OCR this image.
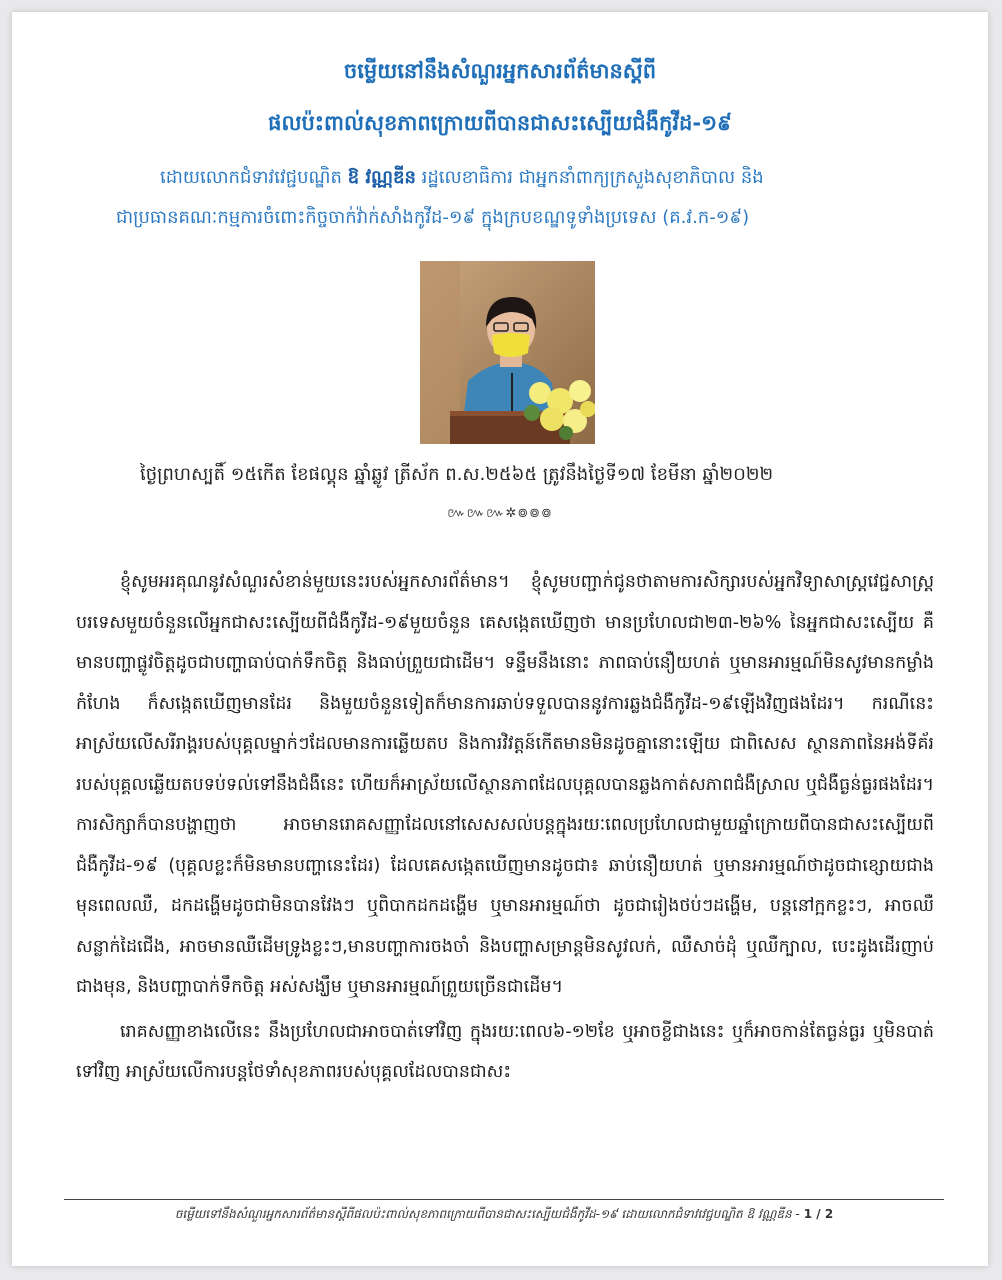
ចម្លើយនៅនឹងសំណួរអ្នកសារព័ត៌មានស្តីពី
ផលប៉ះពាល់សុខភាពក្រោយពីបានជាសះស្បើយជំងឺកូវីដ-១៩

ដោយលោកជំទាវវេជ្ជបណ្ឌិត ឱ វណ្ណឌីន រដ្ឋលេខាធិការ ជាអ្នកនាំពាក្យក្រសួងសុខាភិបាល និង
ជាប្រធានគណៈកម្មការចំពោះកិច្ចចាក់វ៉ាក់សាំងកូវីដ-១៩ ក្នុងក្របខណ្ឌទូទាំងប្រទេស (គ.វ.ក-១៩)

ថ្ងៃព្រហស្បតិ៍ ១៥កើត ខែផល្គុន ឆ្នាំឆ្លូវ ត្រីស័ក ព.ស.២៥៦៥ ត្រូវនឹងថ្ងៃទី១៧ ខែមីនា ឆ្នាំ២០២២

៚៚៚✲៙៙៙

ខ្ញុំសូមអរគុណនូវសំណួរសំខាន់មួយនេះរបស់អ្នកសារព័ត៌មាន។ ខ្ញុំសូមបញ្ជាក់ជូនថាតាមការសិក្សារបស់អ្នកវិទ្យាសាស្ត្រវេជ្ជសាស្ត្របរទេសមួយចំនួនលើអ្នកជាសះស្បើយពីជំងឺកូវីដ-១៩មួយចំនួន គេសង្កេតឃើញថា មានប្រហែលជា២៣-២៦% នៃអ្នកជាសះស្បើយ គឺមានបញ្ហាផ្លូវចិត្តដូចជាបញ្ហាធាប់បាក់ទឹកចិត្ត និងធាប់ព្រួយជាដើម។ ទន្ទឹមនឹងនោះ ភាពធាប់នឿយហត់ ឬមានអារម្មណ៍មិនសូវមានកម្លាំងកំហែង ក៏សង្កេតឃើញមានដែរ និងមួយចំនួនទៀតក៏មានការឆាប់ទទួលបាននូវការឆ្លងជំងឺកូវីដ-១៩ឡើងវិញផងដែរ។ ករណីនេះ អាស្រ័យលើសរីរាង្គរបស់បុគ្គលម្នាក់ៗដែលមានការឆ្លើយតប និងការវិវត្តន៍កើតមានមិនដូចគ្នានោះឡើយ ជាពិសេស ស្ថានភាពនៃអង់ទីគ័ររបស់បុគ្គលឆ្លើយតបទប់ទល់ទៅនឹងជំងឺនេះ ហើយក៏អាស្រ័យលើស្ថានភាពដែលបុគ្គលបានឆ្លងកាត់សភាពជំងឺស្រាល ឬជំងឺធ្ងន់ធ្ងរផងដែរ។ ការសិក្សាក៏បានបង្ហាញថា អាចមានរោគសញ្ញាដែលនៅសេសសល់បន្តក្នុងរយៈពេលប្រហែលជាមួយឆ្នាំក្រោយពីបានជាសះស្បើយពីជំងឺកូវីដ-១៩ (បុគ្គលខ្លះក៏មិនមានបញ្ហានេះដែរ) ដែលគេសង្កេតឃើញមានដូចជា៖ ឆាប់នឿយហត់ ឬមានអារម្មណ៍ថាដូចជាខ្សោយជាងមុនពេលឈឺ, ដកដង្ហើមដូចជាមិនបានវែងៗ ឬពិបាកដកដង្ហើម ឬមានអារម្មណ៍ថា ដូចជារៀងថប់ៗដង្ហើម, បន្តនៅក្អកខ្លះៗ, អាចឈឺសន្លាក់ដៃជើង, អាចមានឈឺដើមទ្រូងខ្លះៗ,មានបញ្ហាការចងចាំ និងបញ្ហាសម្រាន្តមិនសូវលក់, ឈឺសាច់ដុំ ឬឈឺក្បាល, បេះដូងដើរញាប់ជាងមុន, និងបញ្ហាបាក់ទឹកចិត្ត អស់សង្ឃឹម ឬមានអារម្មណ៍ព្រួយច្រើនជាដើម។

រោគសញ្ញាខាងលើនេះ នឹងប្រហែលជាអាចបាត់ទៅវិញ ក្នុងរយៈពេល៦-១២ខែ ឬអាចខ្លីជាងនេះ ឬក៏អាចកាន់តែធ្ងន់ធ្ងរ ឬមិនបាត់ទៅវិញ អាស្រ័យលើការបន្តថែទាំសុខភាពរបស់បុគ្គលដែលបានជាសះ

ចម្លើយទៅនឹងសំណួរអ្នកសារព័ត៌មានស្តីពីផលប៉ះពាល់សុខភាពក្រោយពីបានជាសះស្បើយជំងឺកូវីដ-១៩ ដោយលោកជំទាវវេជ្ជបណ្ឌិត ឱ វណ្ណឌីន - 1 / 2
